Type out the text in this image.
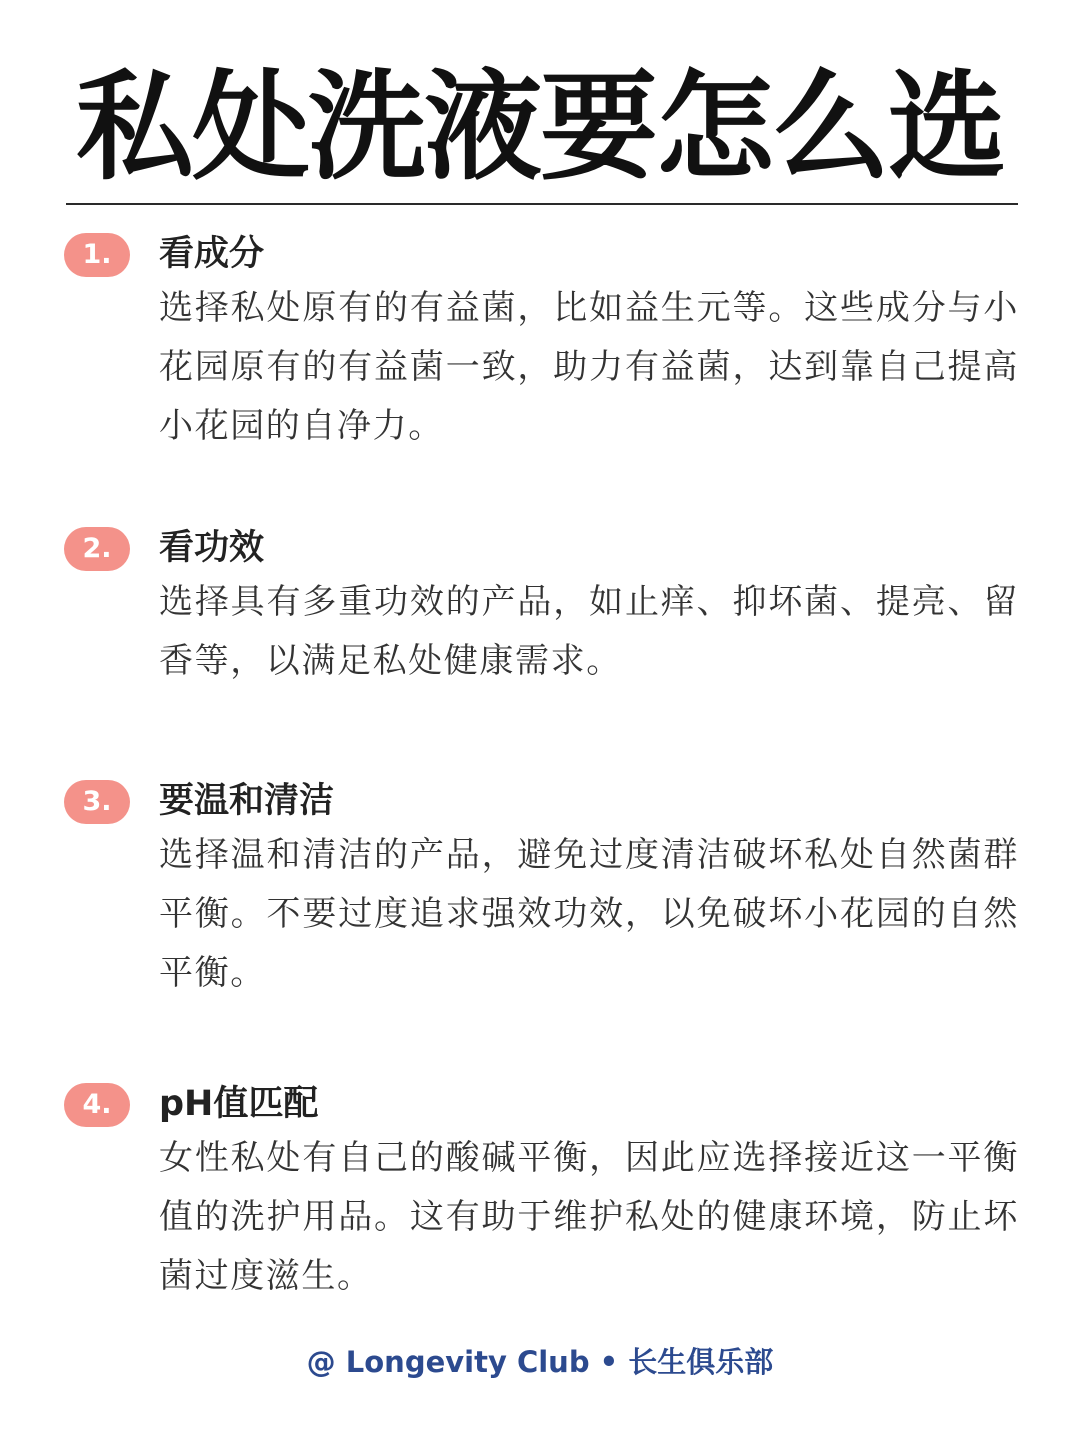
私处洗液要怎么选
1.	看成分

选择私处原有的有益菌，比如益生元等。这些成分与小花园原有的有益菌一致，助力有益菌，达到靠自己提高小花园的自净力。

2.	看功效

选择具有多重功效的产品，如止痒、抑坏菌、提亮、留香等，以满足私处健康需求。

3.	要温和清洁

选择温和清洁的产品，避免过度清洁破坏私处自然菌群平衡。不要过度追求强效功效，以免破坏小花园的自然平衡。

4.	pH值匹配

女性私处有自己的酸碱平衡，因此应选择接近这一平衡值的洗护用品。这有助于维护私处的健康环境，防止坏菌过度滋生。

@ Longevity Club • 长生俱乐部
